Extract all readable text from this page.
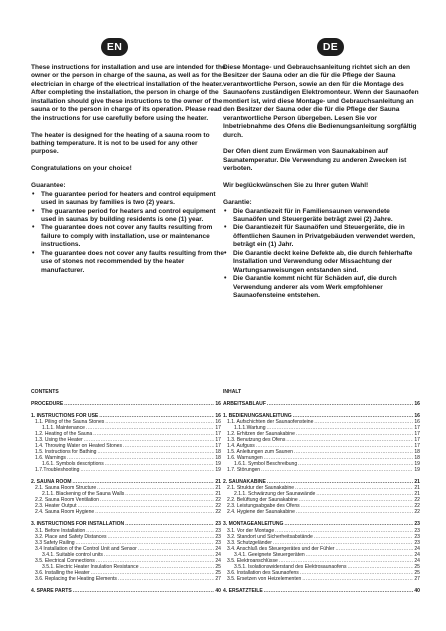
EN	DE

These instructions for installation and use are intended for the owner or the person in charge of the sauna, as well as for the electrician in charge of the electrical installation of the heater. After completing the installation, the person in charge of the installation should give these instructions to the owner of the sauna or to the person in charge of its operation. Please read the instructions for use carefully before using the heater.

The heater is designed for the heating of a sauna room to bathing temperature. It is not to be used for any other purpose.

Congratulations on your choice!

Guarantee:
• The guarantee period for heaters and control equipment used in saunas by families is two (2) years.
• The guarantee period for heaters and control equipment used in saunas by building residents is one (1) year.
• The guarantee does not cover any faults resulting from failure to comply with installation, use or maintenance instructions.
• The guarantee does not cover any faults resulting from the use of stones not recommended by the heater manufacturer.

Diese Montage- und Gebrauchsanleitung richtet sich an den Besitzer der Sauna oder an die für die Pflege der Sauna verantwortliche Person, sowie an den für die Montage des Saunaofens zuständigen Elektromonteur. Wenn der Saunaofen montiert ist, wird diese Montage- und Gebrauchsanleitung an den Besitzer der Sauna oder die für die Pflege der Sauna verantwortliche Person übergeben. Lesen Sie vor Inbetriebnahme des Ofens die Bedienungsanleitung sorgfältig durch.

Der Ofen dient zum Erwärmen von Saunakabinen auf Saunatemperatur. Die Verwendung zu anderen Zwecken ist verboten.

Wir beglückwünschen Sie zu Ihrer guten Wahl!

Garantie:
• Die Garantiezeit für in Familiensaunen verwendete Saunaöfen und Steuergeräte beträgt zwei (2) Jahre.
• Die Garantiezeit für Saunaöfen und Steuergeräte, die in öffentlichen Saunen in Privatgebäuden verwendet werden, beträgt ein (1) Jahr.
• Die Garantie deckt keine Defekte ab, die durch fehlerhafte Installation und Verwendung oder Missachtung der Wartungsanweisungen entstanden sind.
• Die Garantie kommt nicht für Schäden auf, die durch Verwendung anderer als vom Werk empfohlener Saunaofensteine entstehen.
CONTENTS
PROCEDURE .....	16
1. INSTRUCTIONS FOR USE .....	16
1.1. Piling of the Sauna Stones .....	16
1.1.1. Maintenance .....	17
1.2. Heating of the Sauna .....	17
1.3. Using the Heater .....	17
1.4. Throwing Water on Heated Stones .....	17
1.5. Instructions for Bathing .....	18
1.6. Warnings .....	18
1.6.1. Symbols descriptions .....	19
1.7.Troubleshooting .....	19
2. SAUNA ROOM .....	21
2.1. Sauna Room Structure .....	21
2.1.1. Blackening of the Sauna Walls .....	21
2.2. Sauna Room Ventilation .....	22
2.3. Heater Output .....	22
2.4. Sauna Room Hygiene .....	22
3. INSTRUCTIONS FOR INSTALLATION .....	23
3.1. Before Installation .....	23
3.2. Place and Safety Distances .....	23
3.3 Safety Railing .....	23
3.4 Installation of the Control Unit and Sensor .....	24
3.4.1. Suitable control units .....	24
3.5. Electrical Connections .....	24
3.5.1. Electric Heater Insulation Resistance .....	25
3.6. Installing the Heater .....	25
3.6. Replacing the Heating Elements .....	27
4. SPARE PARTS .....	40
INHALT
ARBEITSABLAUF .....	16
1. BEDIENUNGSANLEITUNG .....	16
1.1. Aufschichten der Saunaofensteine .....	16
1.1.1.Wartung .....	17
1.2. Erhitzen der Saunakabine .....	17
1.3. Benutzung des Ofens .....	17
1.4. Aufguss .....	17
1.5. Anleitungen zum Saunen .....	18
1.6. Warnungen .....	18
1.6.1. Symbol Beschreibung .....	19
1.7. Störungen .....	19
2. SAUNAKABINE .....	21
2.1. Struktur der Saunakabine .....	21
2.1.1. Schwärzung der Saunawände .....	21
2.2. Belüftung der Saunakabine .....	22
2.3. Leistungsabgabe des Ofens .....	22
2.4. Hygiene der Saunakabine .....	22
3. MONTAGEANLEITUNG .....	23
3.1. Vor der Montage .....	23
3.2. Standort und Sicherheitsabstände .....	23
3.3. Schutzgeländer .....	23
3.4. Anschluß des Steuergerätes und der Fühler .....	24
3.4.1. Geeignete Steuergeräten .....	24
3.5. Elektroanschlüsse .....	24
3.5.1. Isolationswiderstand des Elektrosaunaofens .....	25
3.6. Installation des Saunaofens .....	25
3.5. Ersetzen von Heizelementen .....	27
4. ERSATZTEILE .....	40
